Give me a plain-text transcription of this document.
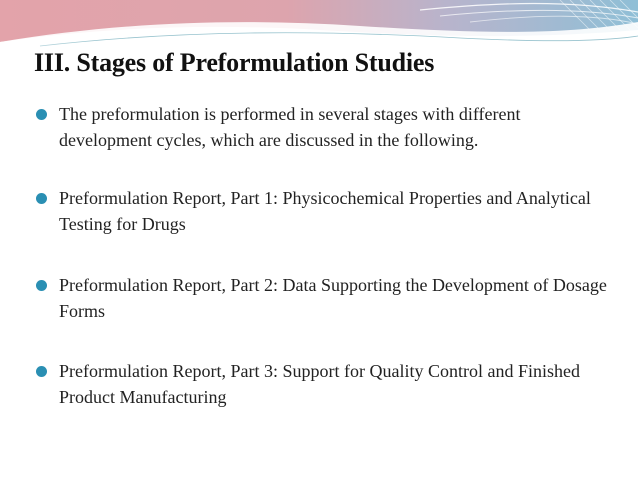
III. Stages of Preformulation Studies
The preformulation is performed in several stages with different development cycles, which are discussed in the following.
Preformulation Report, Part 1: Physicochemical Properties and Analytical Testing for Drugs
Preformulation Report, Part 2: Data Supporting the Development of Dosage Forms
Preformulation Report, Part 3: Support for Quality Control and Finished Product Manufacturing
